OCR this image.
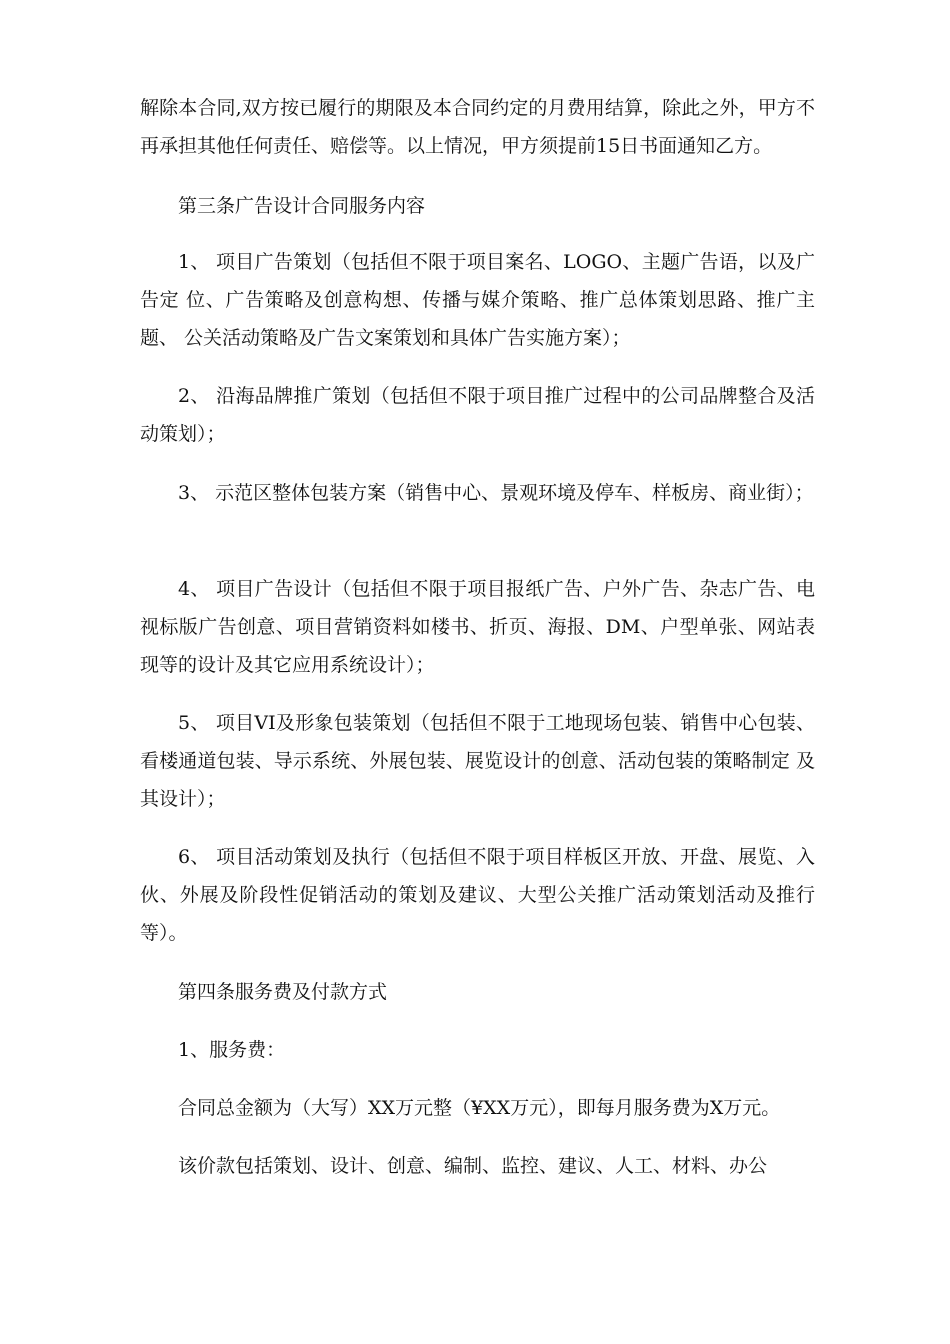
解除本合同,双方按已履行的期限及本合同约定的月费用结算，除此之外，甲方不 再承担其他任何责任、赔偿等。以上情况，甲方须提前15日书面通知乙方。

第三条广告设计合同服务内容

1、 项目广告策划（包括但不限于项目案名、LOGO、主题广告语，以及广告定 位、广告策略及创意构想、传播与媒介策略、推广总体策划思路、推广主题、 公关活动策略及广告文案策划和具体广告实施方案）；

2、 沿海品牌推广策划（包括但不限于项目推广过程中的公司品牌整合及活动策划）；

3、 示范区整体包装方案（销售中心、景观环境及停车、样板房、商业街）；

4、 项目广告设计（包括但不限于项目报纸广告、户外广告、杂志广告、电视标版广告创意、项目营销资料如楼书、折页、海报、DM、户型单张、网站表现等的设计及其它应用系统设计）；

5、 项目VI及形象包装策划（包括但不限于工地现场包装、销售中心包装、 看楼通道包装、导示系统、外展包装、展览设计的创意、活动包装的策略制定 及其设计）；

6、 项目活动策划及执行（包括但不限于项目样板区开放、开盘、展览、入伙、外展及阶段性促销活动的策划及建议、大型公关推广活动策划活动及推行等）。

第四条服务费及付款方式

1、服务费：

合同总金额为（大写）XX万元整（¥XX万元），即每月服务费为X万元。

该价款包括策划、设计、创意、编制、监控、建议、人工、材料、办公
